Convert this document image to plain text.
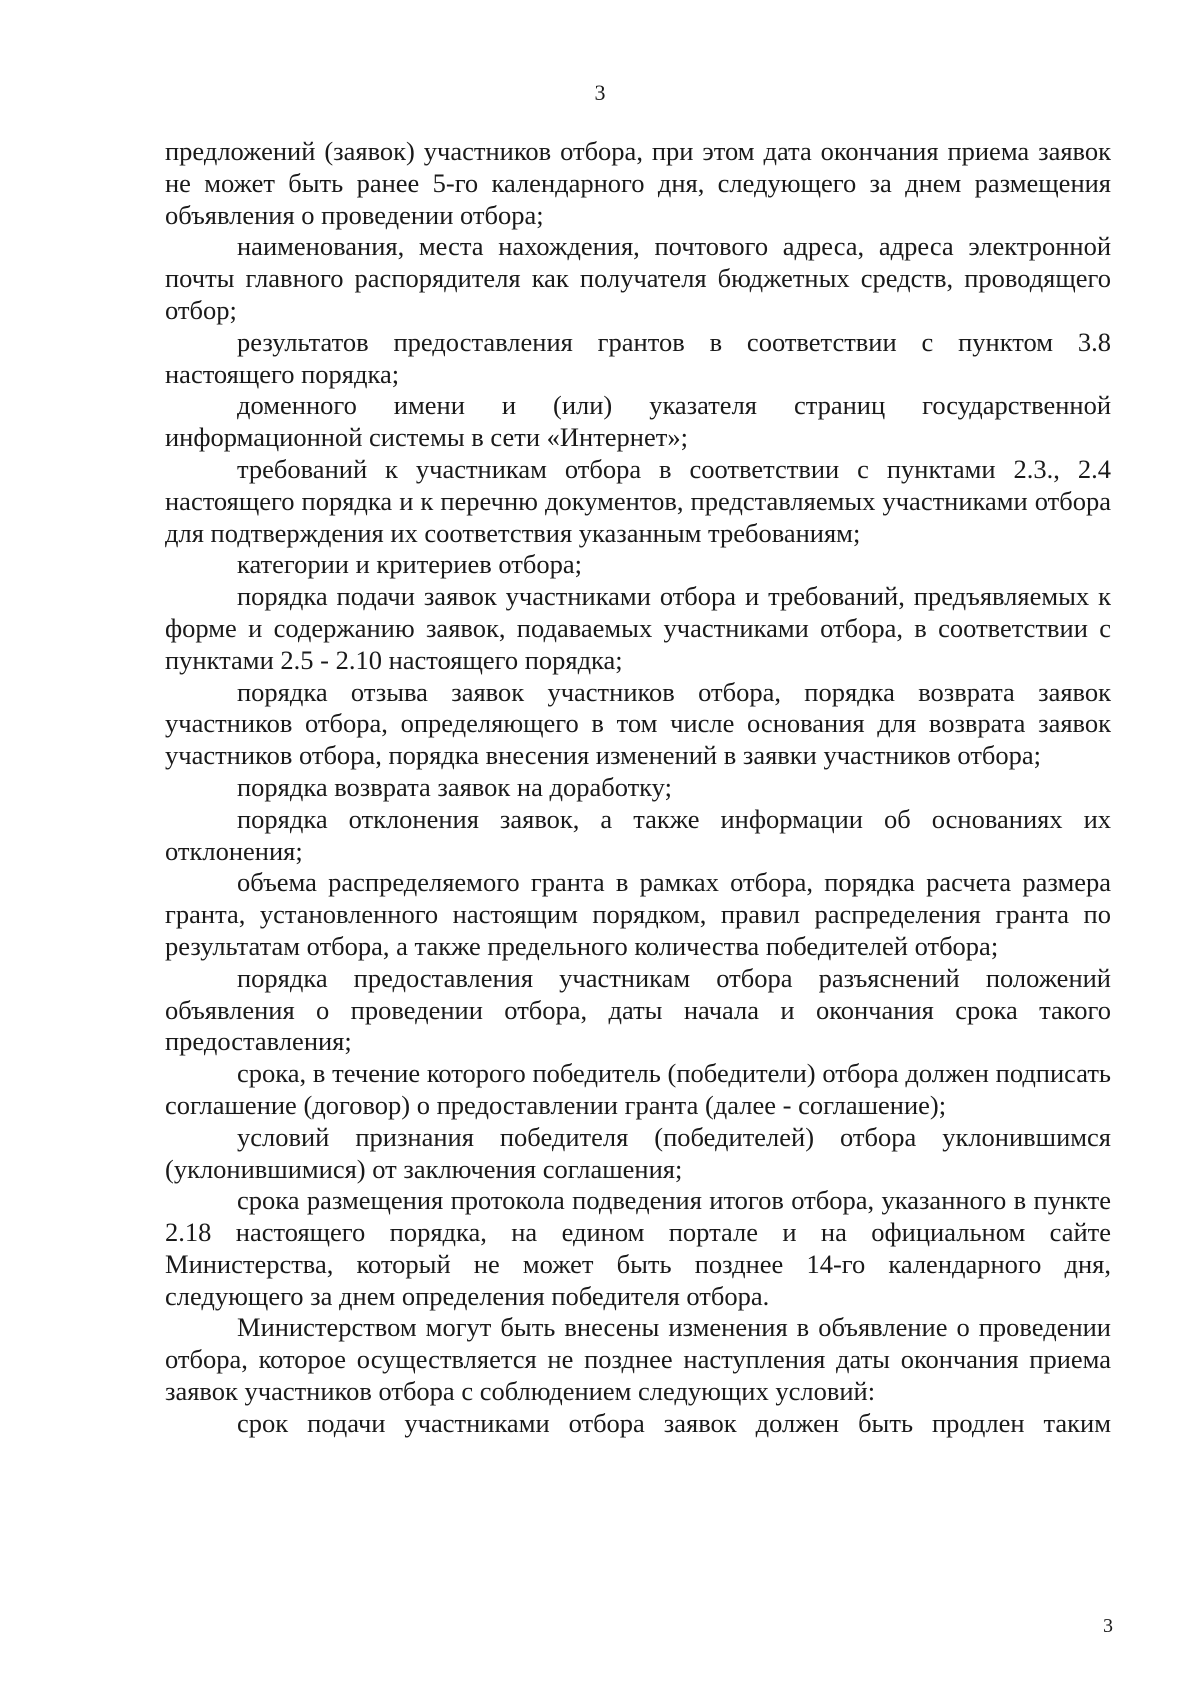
3

предложений (заявок) участников отбора, при этом дата окончания приема заявок не может быть ранее 5-го календарного дня, следующего за днем размещения объявления о проведении отбора;

наименования, места нахождения, почтового адреса, адреса электронной почты главного распорядителя как получателя бюджетных средств, проводящего отбор;

результатов предоставления грантов в соответствии с пунктом 3.8 настоящего порядка;

доменного имени и (или) указателя страниц государственной информационной системы в сети «Интернет»;

требований к участникам отбора в соответствии с пунктами 2.3., 2.4 настоящего порядка и к перечню документов, представляемых участниками отбора для подтверждения их соответствия указанным требованиям;

категории и критериев отбора;

порядка подачи заявок участниками отбора и требований, предъявляемых к форме и содержанию заявок, подаваемых участниками отбора, в соответствии с пунктами 2.5 - 2.10 настоящего порядка;

порядка отзыва заявок участников отбора, порядка возврата заявок участников отбора, определяющего в том числе основания для возврата заявок участников отбора, порядка внесения изменений в заявки участников отбора;

порядка возврата заявок на доработку;

порядка отклонения заявок, а также информации об основаниях их отклонения;

объема распределяемого гранта в рамках отбора, порядка расчета размера гранта, установленного настоящим порядком, правил распределения гранта по результатам отбора, а также предельного количества победителей отбора;

порядка предоставления участникам отбора разъяснений положений объявления о проведении отбора, даты начала и окончания срока такого предоставления;

срока, в течение которого победитель (победители) отбора должен подписать соглашение (договор) о предоставлении гранта (далее - соглашение);

условий признания победителя (победителей) отбора уклонившимся (уклонившимися) от заключения соглашения;

срока размещения протокола подведения итогов отбора, указанного в пункте 2.18 настоящего порядка, на едином портале и на официальном сайте Министерства, который не может быть позднее 14-го календарного дня, следующего за днем определения победителя отбора.

Министерством могут быть внесены изменения в объявление о проведении отбора, которое осуществляется не позднее наступления даты окончания приема заявок участников отбора с соблюдением следующих условий:

срок подачи участниками отбора заявок должен быть продлен таким

3
